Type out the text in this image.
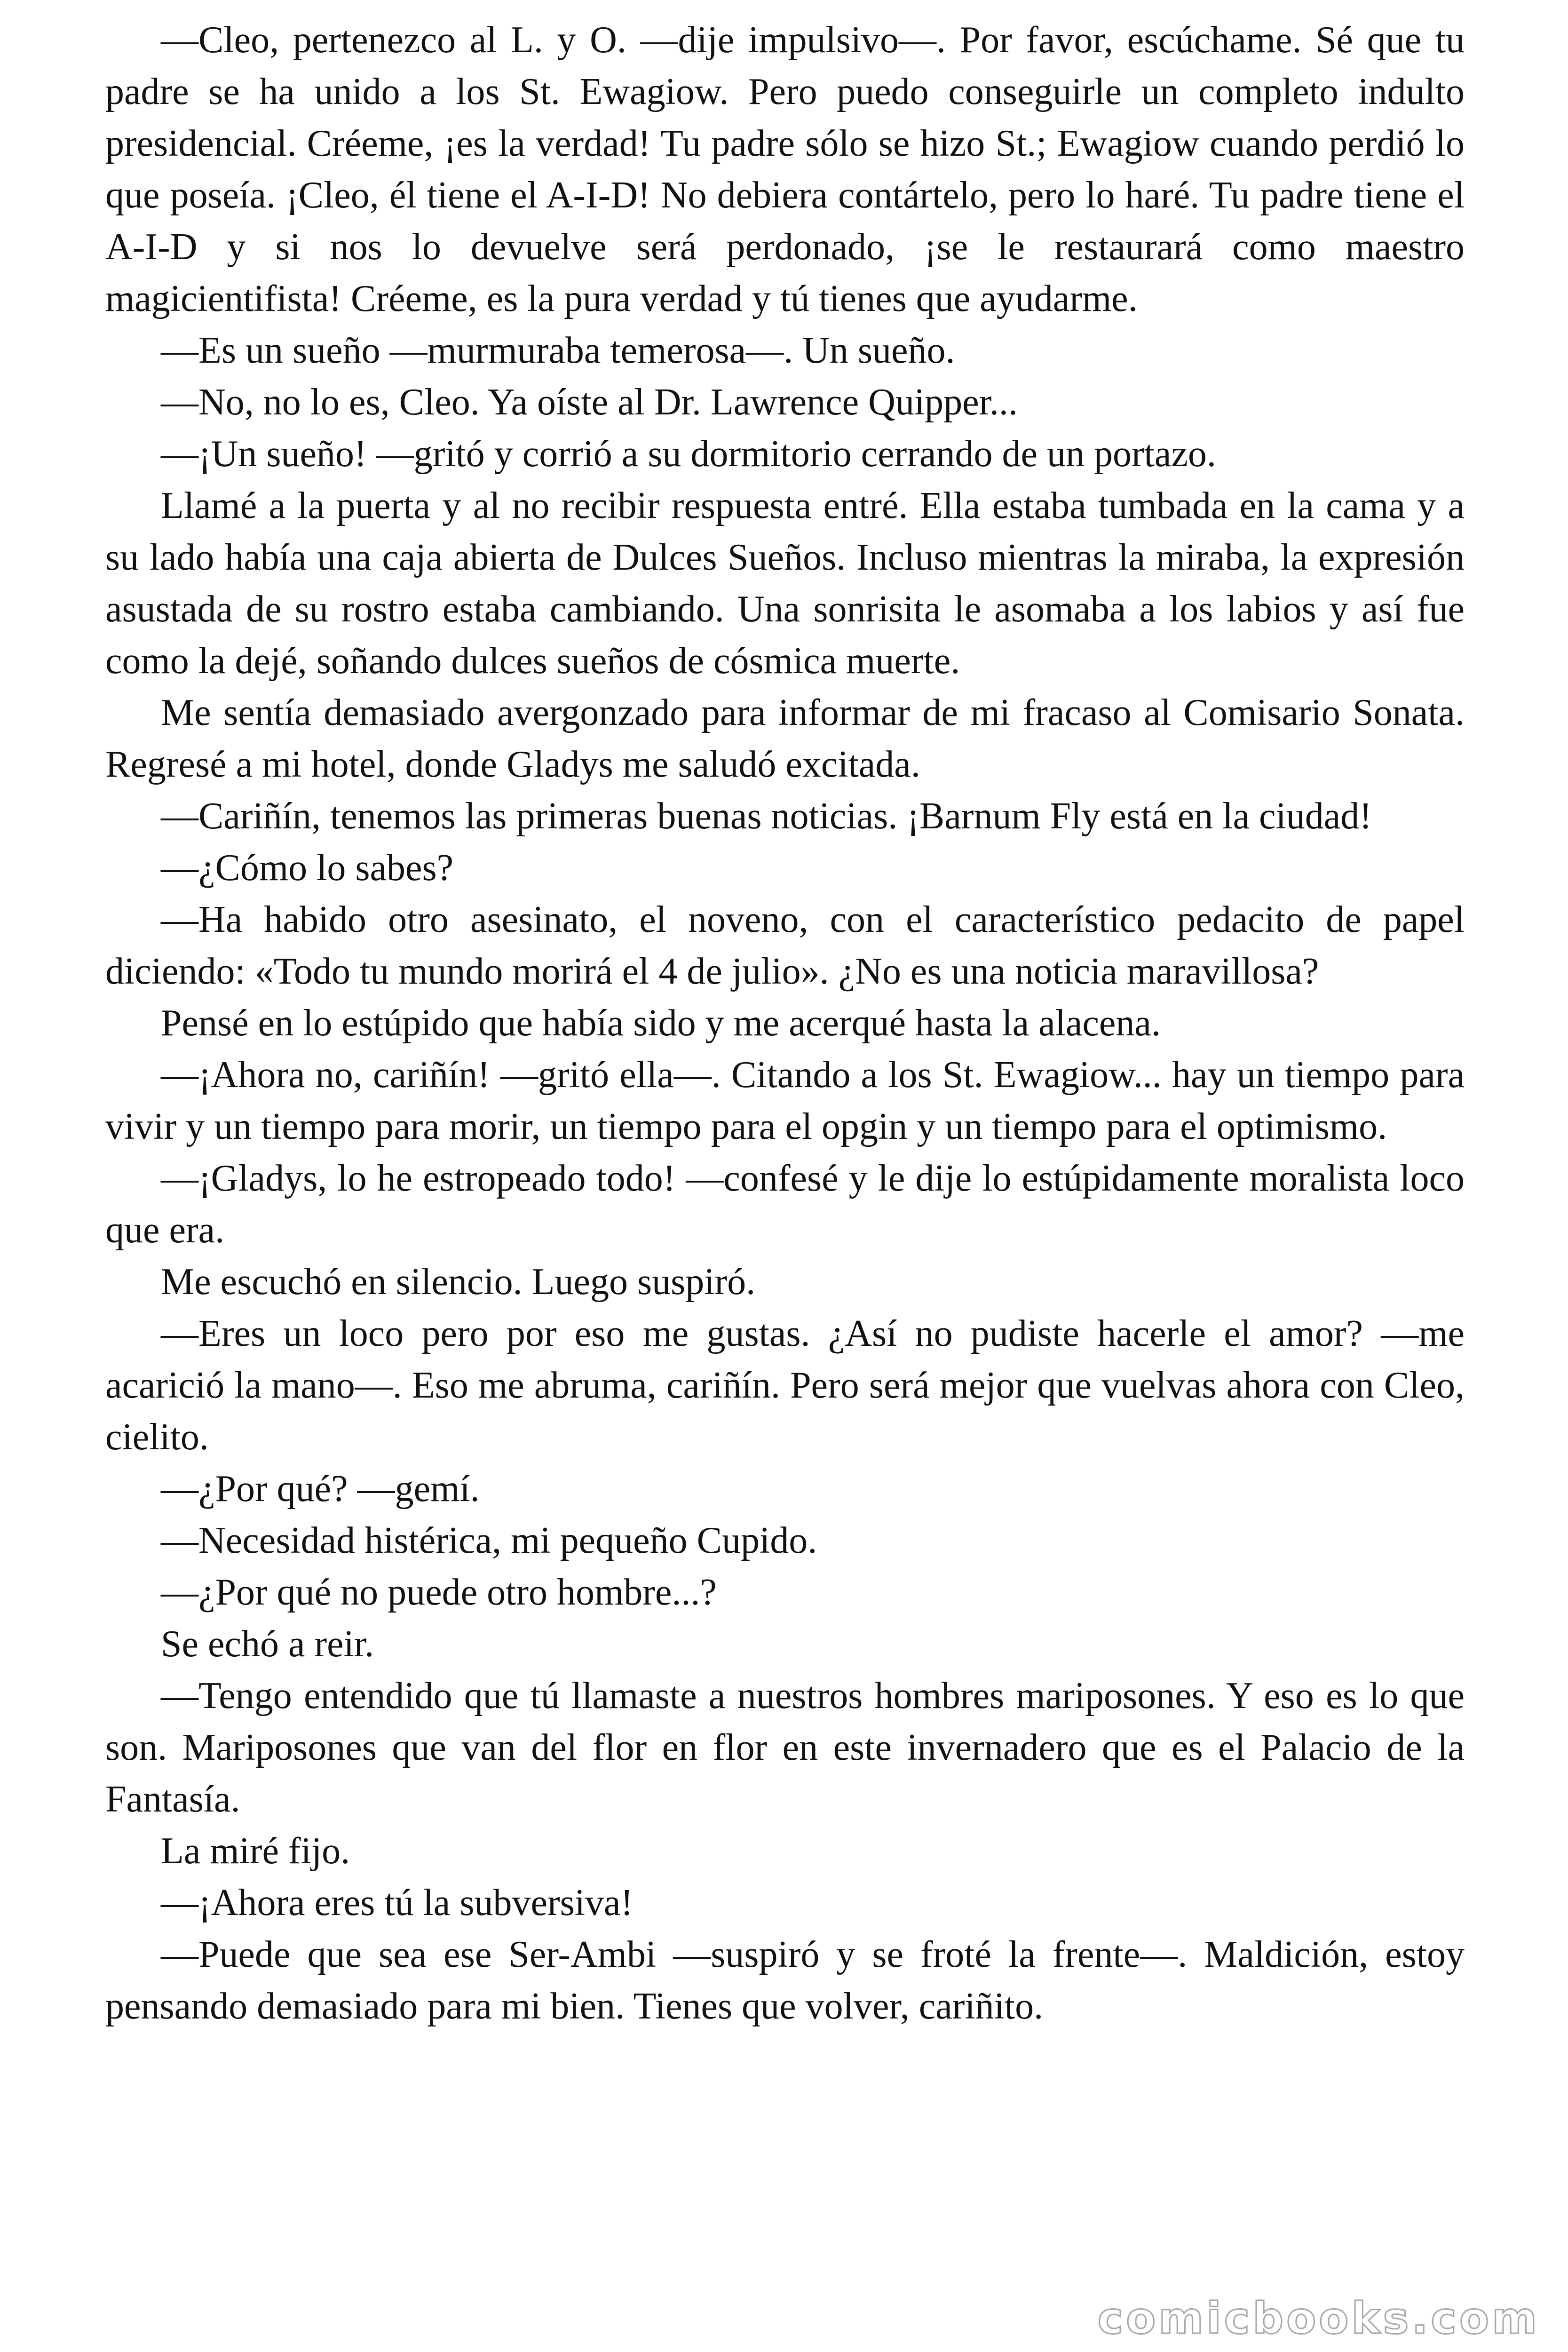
—Cleo, pertenezco al L. y O. —dije impulsivo—. Por favor, escúchame. Sé que tu padre se ha unido a los St. Ewagiow. Pero puedo conseguirle un completo indulto presidencial. Créeme, ¡es la verdad! Tu padre sólo se hizo St.; Ewagiow cuando perdió lo que poseía. ¡Cleo, él tiene el A-I-D! No debiera contártelo, pero lo haré. Tu padre tiene el A-I-D y si nos lo devuelve será perdonado, ¡se le restaurará como maestro magicientifista! Créeme, es la pura verdad y tú tienes que ayudarme.

—Es un sueño —murmuraba temerosa—. Un sueño.

—No, no lo es, Cleo. Ya oíste al Dr. Lawrence Quipper...

—¡Un sueño! —gritó y corrió a su dormitorio cerrando de un portazo.

Llamé a la puerta y al no recibir respuesta entré. Ella estaba tumbada en la cama y a su lado había una caja abierta de Dulces Sueños. Incluso mientras la miraba, la expresión asustada de su rostro estaba cambiando. Una sonrisita le asomaba a los labios y así fue como la dejé, soñando dulces sueños de cósmica muerte.

Me sentía demasiado avergonzado para informar de mi fracaso al Comisario Sonata. Regresé a mi hotel, donde Gladys me saludó excitada.

—Cariñín, tenemos las primeras buenas noticias. ¡Barnum Fly está en la ciudad!

—¿Cómo lo sabes?

—Ha habido otro asesinato, el noveno, con el característico pedacito de papel diciendo: «Todo tu mundo morirá el 4 de julio». ¿No es una noticia maravillosa?

Pensé en lo estúpido que había sido y me acerqué hasta la alacena.

—¡Ahora no, cariñín! —gritó ella—. Citando a los St. Ewagiow... hay un tiempo para vivir y un tiempo para morir, un tiempo para el opgin y un tiempo para el optimismo.

—¡Gladys, lo he estropeado todo! —confesé y le dije lo estúpidamente moralista loco que era.

Me escuchó en silencio. Luego suspiró.

—Eres un loco pero por eso me gustas. ¿Así no pudiste hacerle el amor? —me acarició la mano—. Eso me abruma, cariñín. Pero será mejor que vuelvas ahora con Cleo, cielito.

—¿Por qué? —gemí.

—Necesidad histérica, mi pequeño Cupido.

—¿Por qué no puede otro hombre...?

Se echó a reir.

—Tengo entendido que tú llamaste a nuestros hombres mariposones. Y eso es lo que son. Mariposones que van del flor en flor en este invernadero que es el Palacio de la Fantasía.

La miré fijo.

—¡Ahora eres tú la subversiva!

—Puede que sea ese Ser-Ambi —suspiró y se froté la frente—. Maldición, estoy pensando demasiado para mi bien. Tienes que volver, cariñito.

comicbooks.com
